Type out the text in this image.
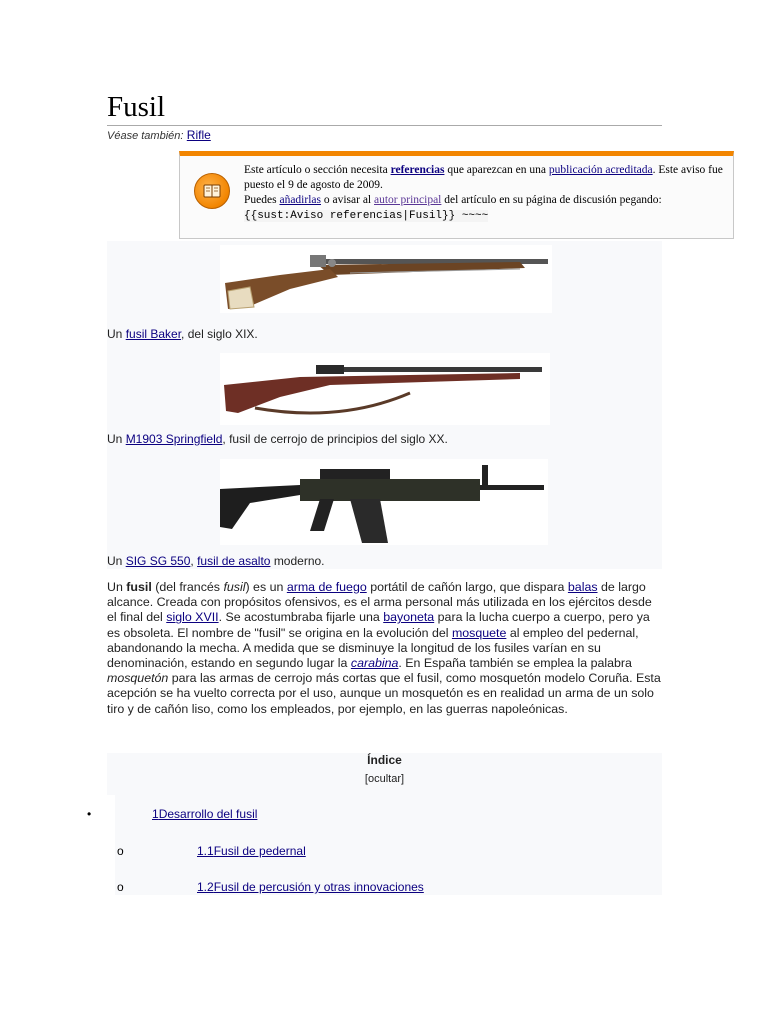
Fusil
Véase también: Rifle
Este artículo o sección necesita referencias que aparezcan en una publicación acreditada. Este aviso fue puesto el 9 de agosto de 2009.
Puedes añadirlas o avisar al autor principal del artículo en su página de discusión pegando: {{sust:Aviso referencias|Fusil}} ~~~~
Un fusil Baker, del siglo XIX.
Un M1903 Springfield, fusil de cerrojo de principios del siglo XX.
Un SIG SG 550, fusil de asalto moderno.
Un fusil (del francés fusil) es un arma de fuego portátil de cañón largo, que dispara balas de largo alcance. Creada con propósitos ofensivos, es el arma personal más utilizada en los ejércitos desde el final del siglo XVII. Se acostumbraba fijarle una bayoneta para la lucha cuerpo a cuerpo, pero ya es obsoleta. El nombre de "fusil" se origina en la evolución del mosquete al empleo del pedernal, abandonando la mecha. A medida que se disminuye la longitud de los fusiles varían en su denominación, estando en segundo lugar la carabina. En España también se emplea la palabra mosquetón para las armas de cerrojo más cortas que el fusil, como mosquetón modelo Coruña. Esta acepción se ha vuelto correcta por el uso, aunque un mosquetón es en realidad un arma de un solo tiro y de cañón liso, como los empleados, por ejemplo, en las guerras napoleónicas.
Índice
[ocultar]
1Desarrollo del fusil
1.1Fusil de pedernal
1.2Fusil de percusión y otras innovaciones
•
o
o
